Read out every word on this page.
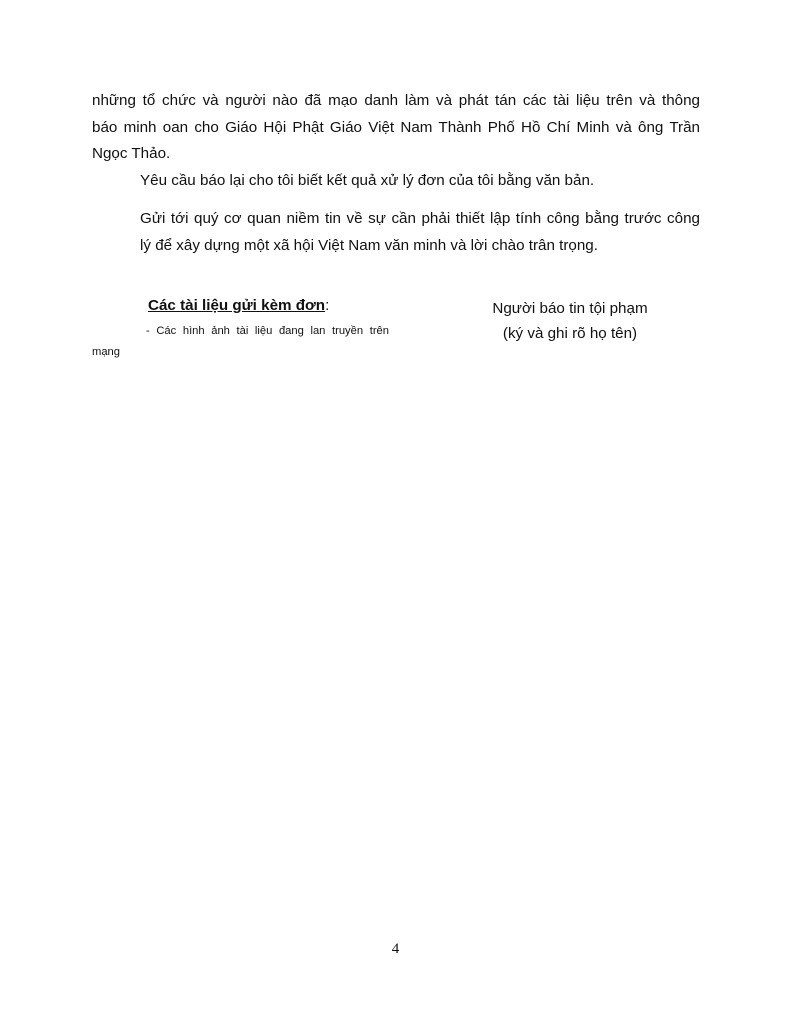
những tổ chức và người nào đã mạo danh làm và phát tán các tài liệu trên và thông
báo minh oan cho Giáo Hội Phật Giáo Việt Nam Thành Phố Hồ Chí Minh và ông Trần
Ngọc Thảo.

Yêu cầu báo lại cho tôi biết kết quả xử lý đơn của tôi bằng văn bản.

Gửi tới quý cơ quan niềm tin về sự cần phải thiết lập tính công bằng trước công
lý để xây dựng một xã hội Việt Nam văn minh và lời chào trân trọng.

Các tài liệu gửi kèm đơn:
- Các hình ảnh tài liệu đang lan truyền trên
mạng
Người báo tin tội phạm
(ký và ghi rõ họ tên)
4
